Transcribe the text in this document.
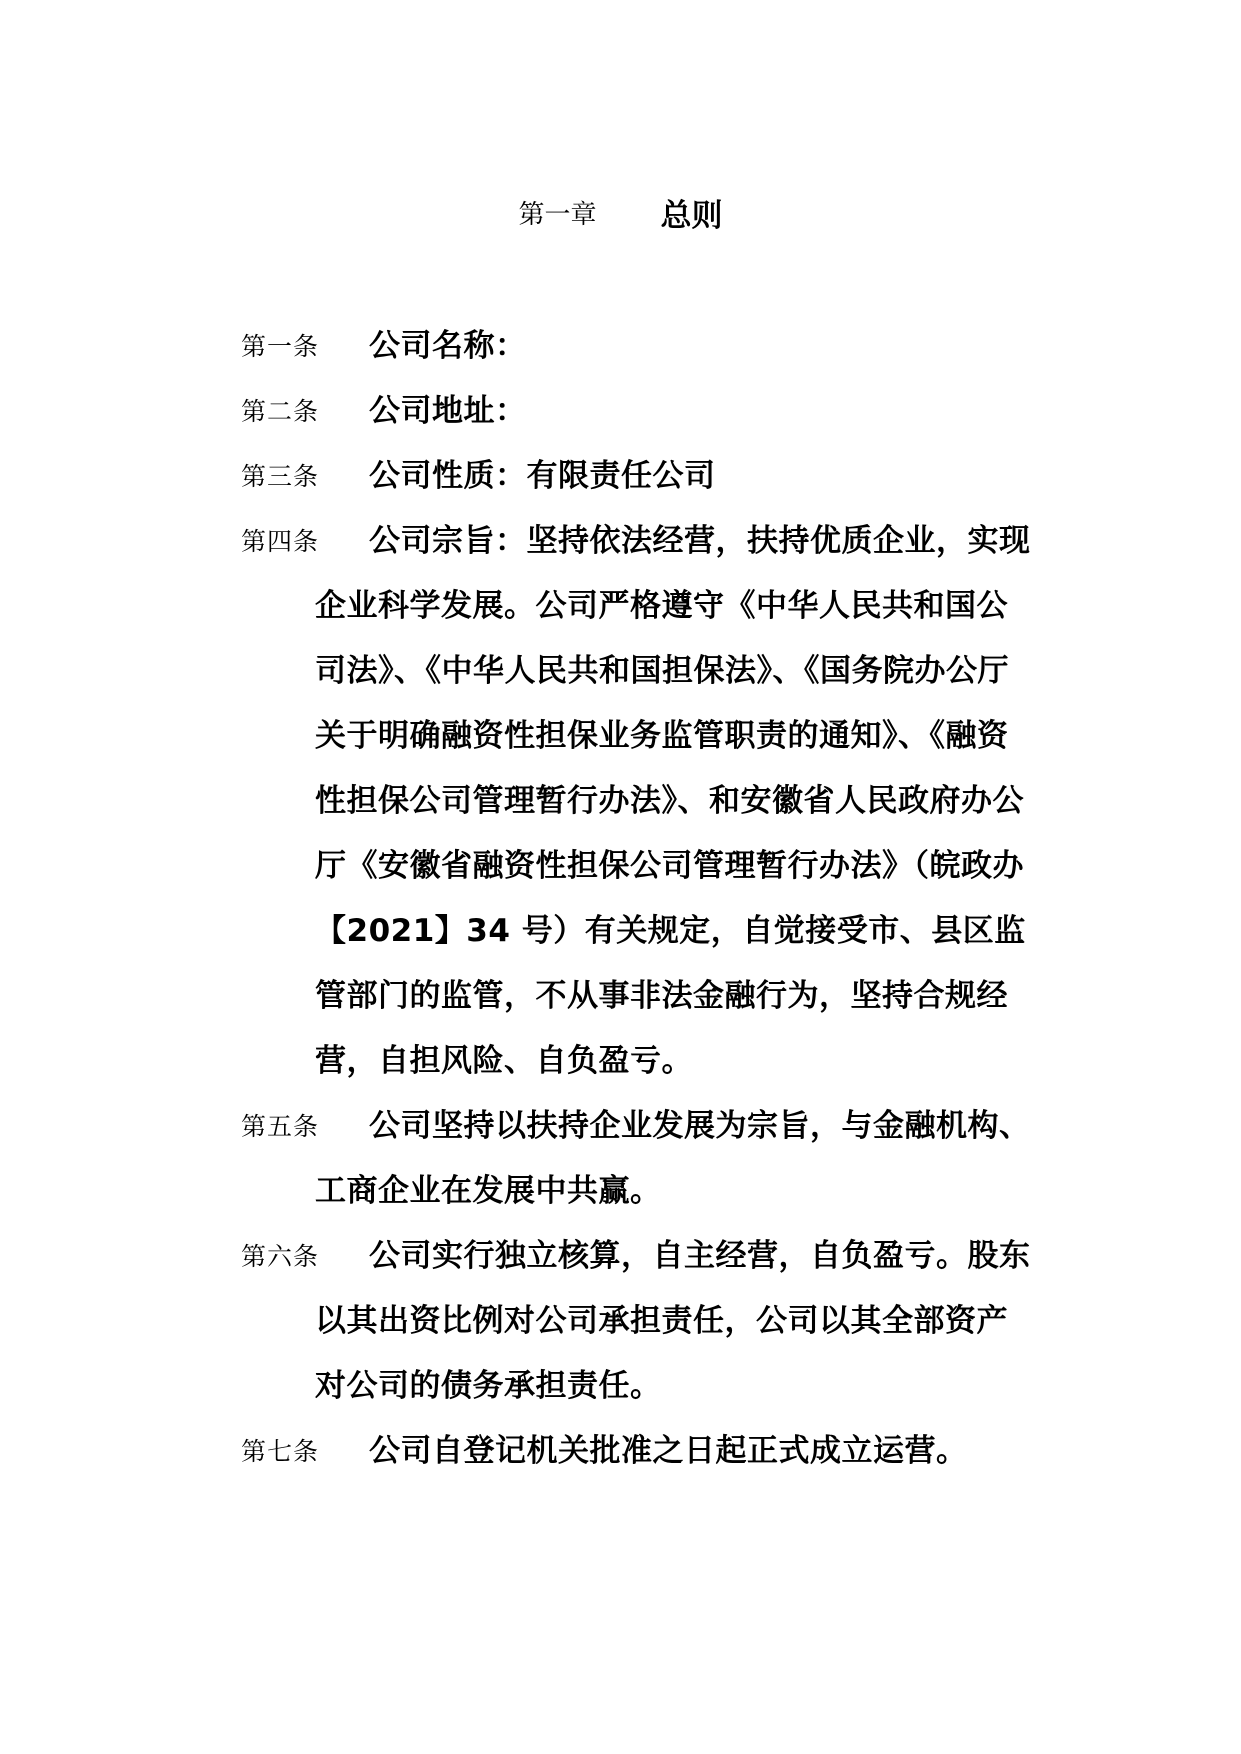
第一章 总则
第一条 公司名称：
第二条 公司地址：
第三条 公司性质：有限责任公司
第四条 公司宗旨：坚持依法经营，扶持优质企业，实现
企业科学发展。公司严格遵守《中华人民共和国公
司法》、《中华人民共和国担保法》、《国务院办公厅
关于明确融资性担保业务监管职责的通知》、《融资
性担保公司管理暂行办法》、和安徽省人民政府办公
厅《安徽省融资性担保公司管理暂行办法》（皖政办
【2021】34 号）有关规定，自觉接受市、县区监
管部门的监管，不从事非法金融行为，坚持合规经
营，自担风险、自负盈亏。
第五条 公司坚持以扶持企业发展为宗旨，与金融机构、
工商企业在发展中共赢。
第六条 公司实行独立核算，自主经营，自负盈亏。股东
以其出资比例对公司承担责任，公司以其全部资产
对公司的债务承担责任。
第七条 公司自登记机关批准之日起正式成立运营。
